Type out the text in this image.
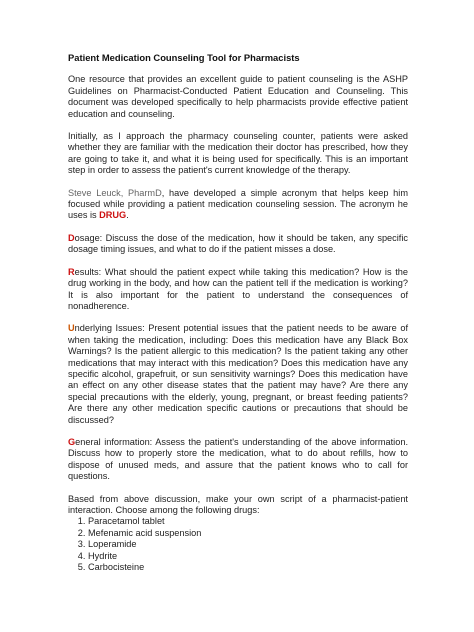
Patient Medication Counseling Tool for Pharmacists

One resource that provides an excellent guide to patient counseling is the ASHP Guidelines on Pharmacist-Conducted Patient Education and Counseling. This document was developed specifically to help pharmacists provide effective patient education and counseling.

Initially, as I approach the pharmacy counseling counter, patients were asked whether they are familiar with the medication their doctor has prescribed, how they are going to take it, and what it is being used for specifically. This is an important step in order to assess the patient's current knowledge of the therapy.

Steve Leuck, PharmD, have developed a simple acronym that helps keep him focused while providing a patient medication counseling session. The acronym he uses is DRUG.

Dosage: Discuss the dose of the medication, how it should be taken, any specific dosage timing issues, and what to do if the patient misses a dose.

Results: What should the patient expect while taking this medication? How is the drug working in the body, and how can the patient tell if the medication is working? It is also important for the patient to understand the consequences of nonadherence.

Underlying Issues: Present potential issues that the patient needs to be aware of when taking the medication, including: Does this medication have any Black Box Warnings? Is the patient allergic to this medication? Is the patient taking any other medications that may interact with this medication? Does this medication have any specific alcohol, grapefruit, or sun sensitivity warnings? Does this medication have an effect on any other disease states that the patient may have? Are there any special precautions with the elderly, young, pregnant, or breast feeding patients? Are there any other medication specific cautions or precautions that should be discussed?

General information: Assess the patient's understanding of the above information. Discuss how to properly store the medication, what to do about refills, how to dispose of unused meds, and assure that the patient knows who to call for questions.

Based from above discussion, make your own script of a pharmacist-patient interaction. Choose among the following drugs:

1. Paracetamol tablet
2. Mefenamic acid suspension
3. Loperamide
4. Hydrite
5. Carbocisteine
